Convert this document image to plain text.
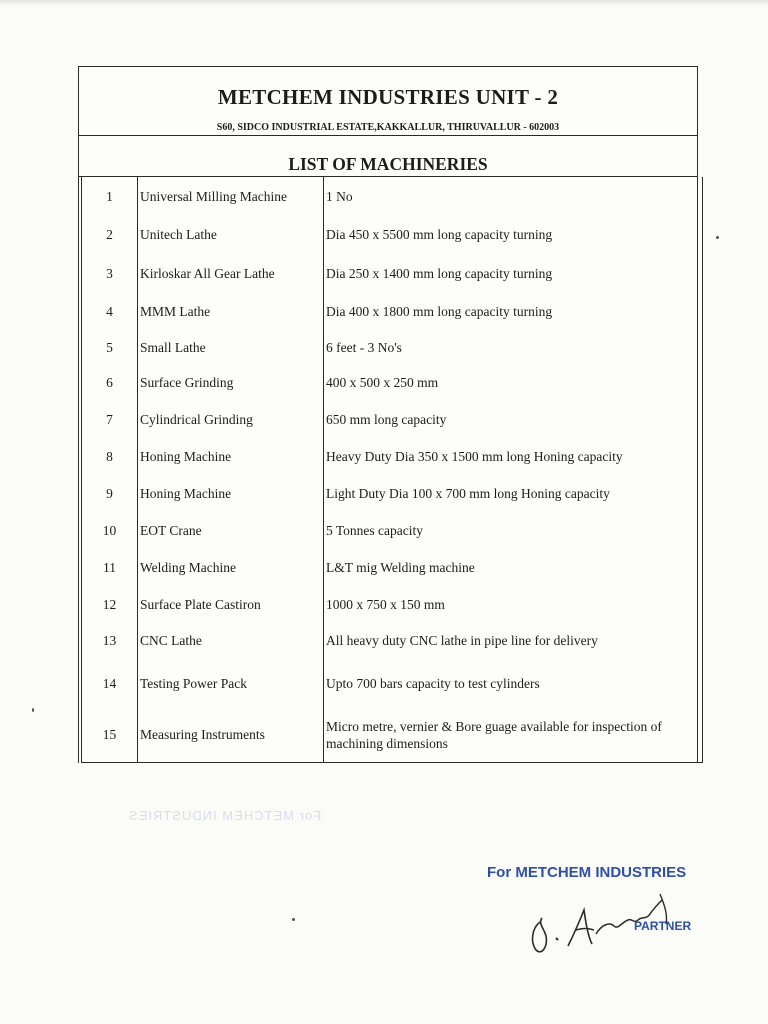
METCHEM INDUSTRIES UNIT - 2
S60, SIDCO INDUSTRIAL ESTATE,KAKKALLUR, THIRUVALLUR - 602003
LIST OF MACHINERIES
1	Universal Milling Machine	1 No
2	Unitech Lathe	Dia 450 x 5500 mm long capacity turning
3	Kirloskar All Gear Lathe	Dia 250 x 1400 mm long capacity turning
4	MMM Lathe	Dia 400 x 1800 mm long capacity turning
5	Small Lathe	6 feet - 3 No's
6	Surface Grinding	400 x 500 x 250 mm
7	Cylindrical Grinding	650 mm long capacity
8	Honing Machine	Heavy Duty Dia 350 x 1500 mm long Honing capacity
9	Honing Machine	Light Duty Dia 100 x 700 mm long Honing capacity
10	EOT Crane	5 Tonnes capacity
11	Welding Machine	L&T mig Welding machine
12	Surface Plate Castiron	1000 x 750 x 150 mm
13	CNC Lathe	All heavy duty CNC lathe in pipe line for delivery
14	Testing Power Pack	Upto 700 bars capacity to test cylinders
15	Measuring Instruments	Micro metre, vernier & Bore guage available for inspection of machining dimensions
For METCHEM INDUSTRIES
For METCHEM INDUSTRIES
PARTNER
